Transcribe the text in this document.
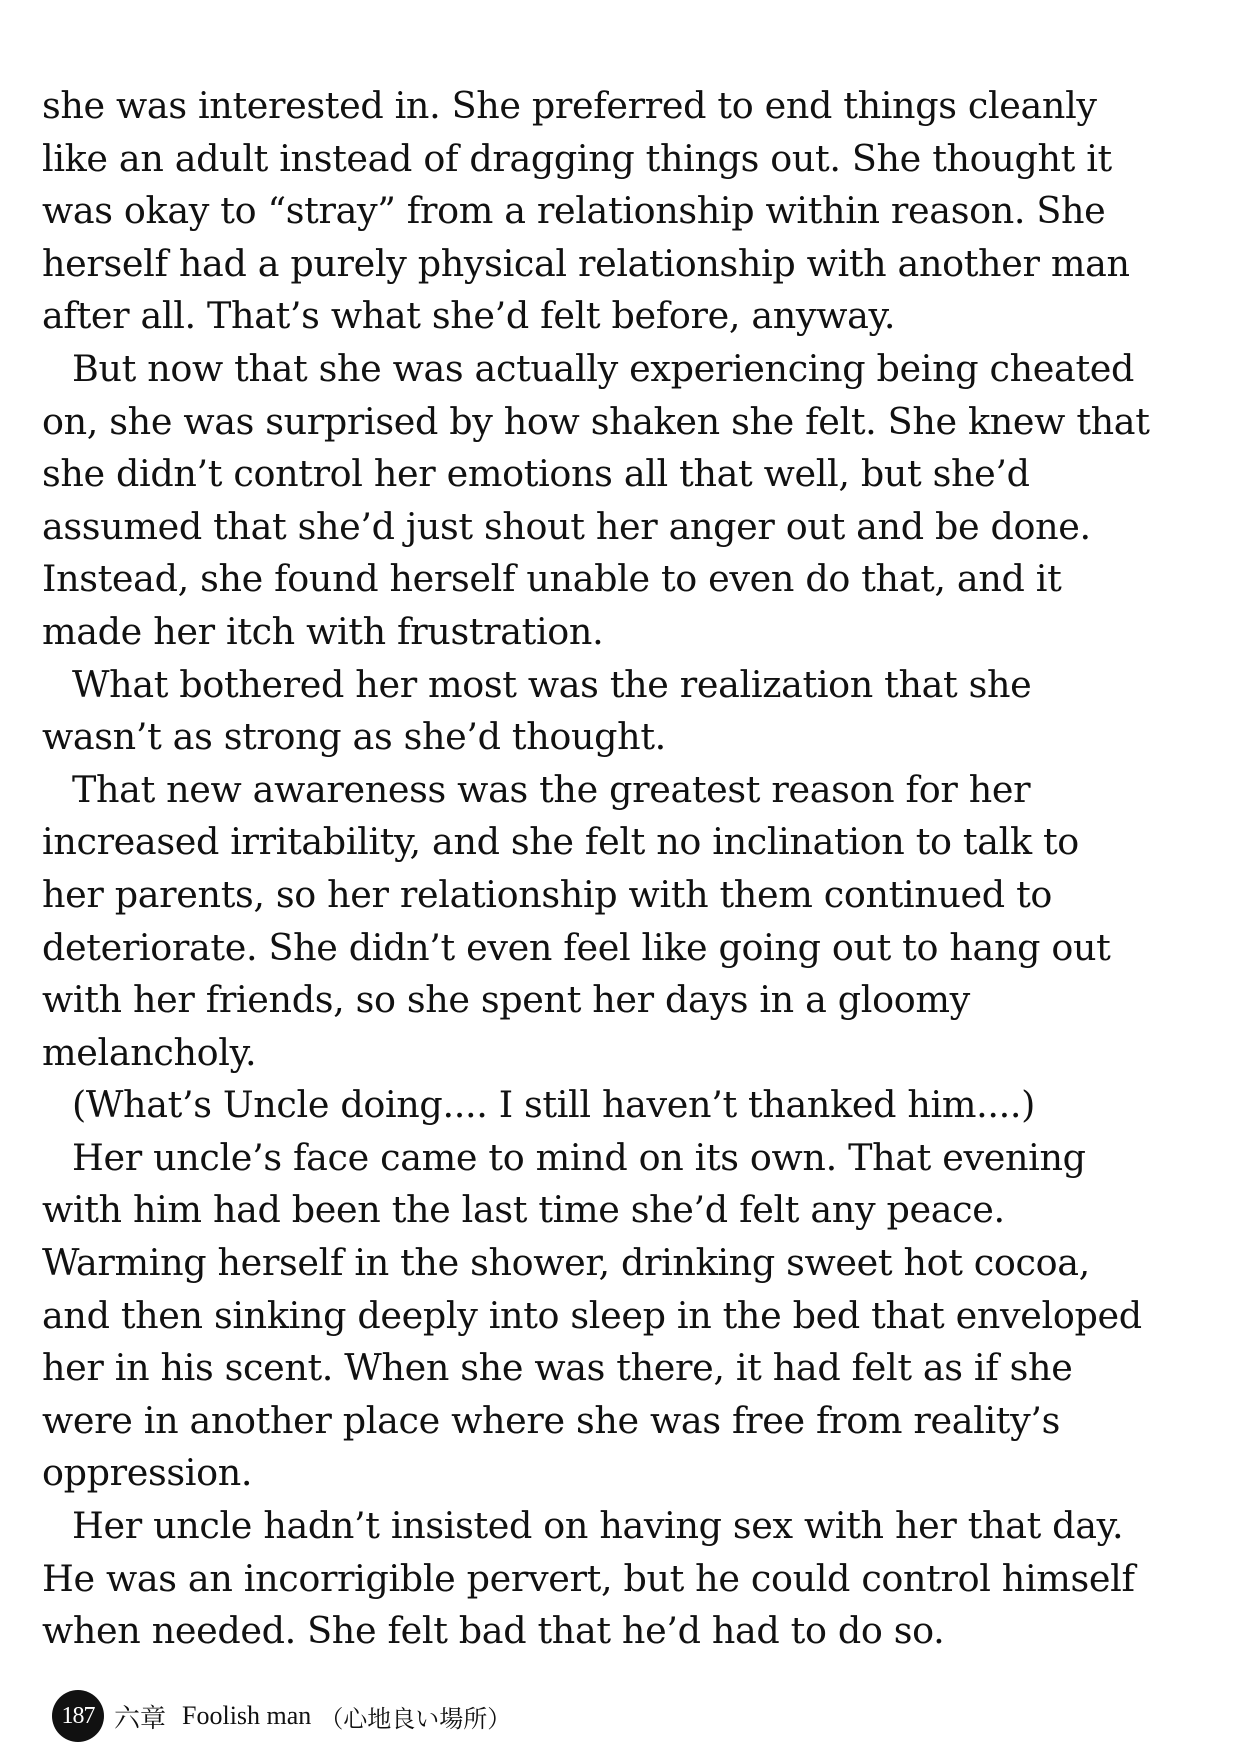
she was interested in. She preferred to end things cleanly
like an adult instead of dragging things out. She thought it
was okay to “stray” from a relationship within reason. She
herself had a purely physical relationship with another man
after all. That’s what she’d felt before, anyway.
But now that she was actually experiencing being cheated
on, she was surprised by how shaken she felt. She knew that
she didn’t control her emotions all that well, but she’d
assumed that she’d just shout her anger out and be done.
Instead, she found herself unable to even do that, and it
made her itch with frustration.
What bothered her most was the realization that she
wasn’t as strong as she’d thought.
That new awareness was the greatest reason for her
increased irritability, and she felt no inclination to talk to
her parents, so her relationship with them continued to
deteriorate. She didn’t even feel like going out to hang out
with her friends, so she spent her days in a gloomy
melancholy.
(What’s Uncle doing.... I still haven’t thanked him....)
Her uncle’s face came to mind on its own. That evening
with him had been the last time she’d felt any peace.
Warming herself in the shower, drinking sweet hot cocoa,
and then sinking deeply into sleep in the bed that enveloped
her in his scent. When she was there, it had felt as if she
were in another place where she was free from reality’s
oppression.
Her uncle hadn’t insisted on having sex with her that day.
He was an incorrigible pervert, but he could control himself
when needed. She felt bad that he’d had to do so.
187 六章 Foolish man （心地良い場所）
